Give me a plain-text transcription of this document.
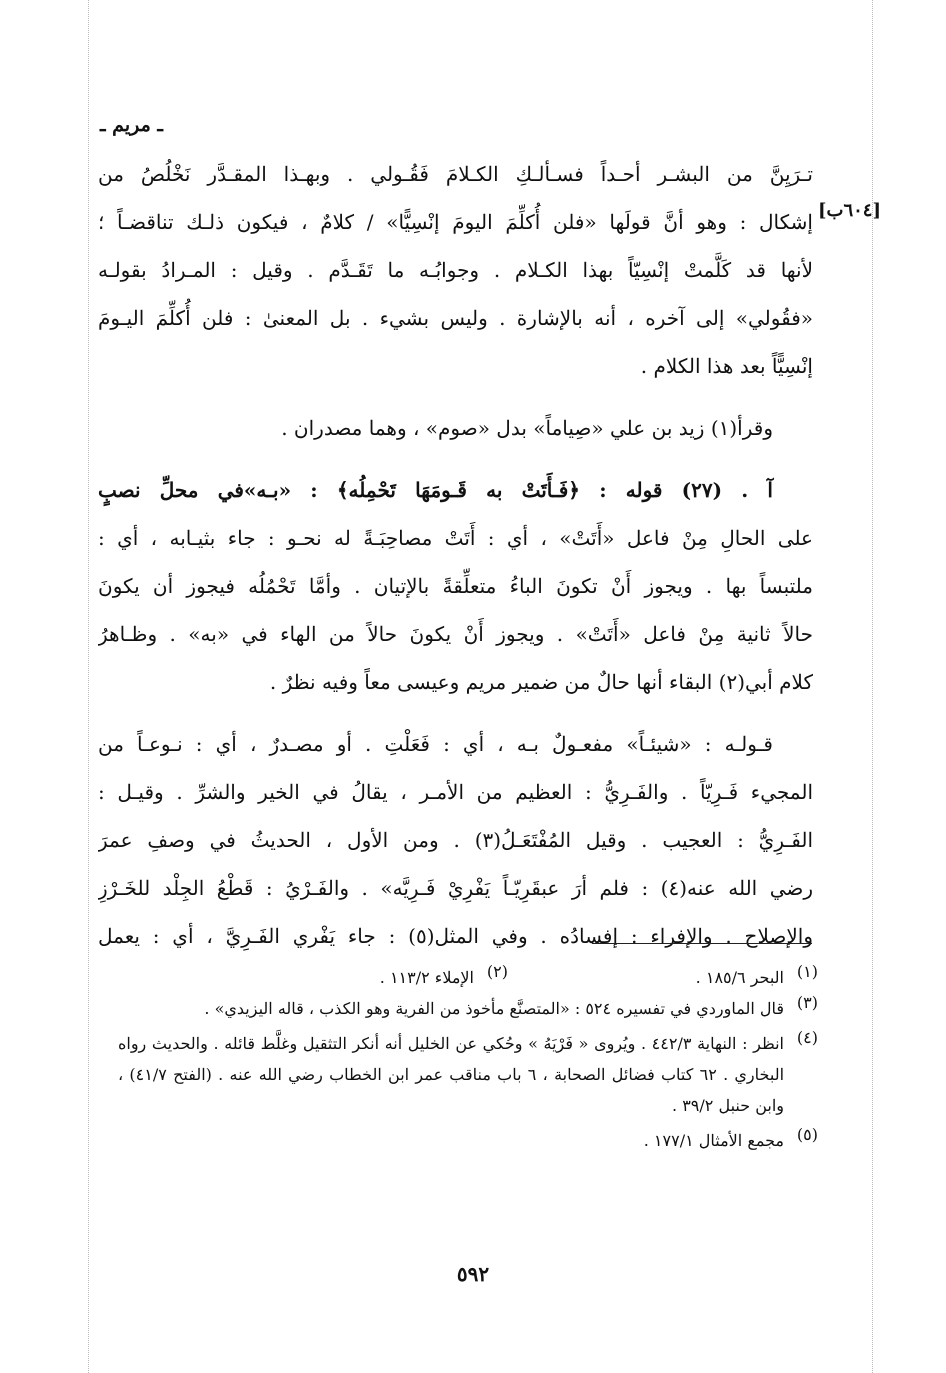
ـ مريم ـ
[٦٠٤ب]
تـرَيِنَّ من البشـر أحـداً فسـألـكِ الكـلامَ فَقُـولي . وبهـذا المقـدَّر نَخْلُصُ من
إشكال : وهو أنَّ قولَها «فلن أُكلِّمَ اليومَ إنْسِيًّا» / كلامٌ ، فيكون ذلـك تناقضـاً ؛
لأنها قد كَلَّمتْ إنْسِيّاً بهذا الكـلام . وجوابُـه ما تَقَـدَّم . وقيل : المـرادُ بقولـه
«فقُولي» إلى آخره ، أنه بالإشارة . وليس بشيء . بل المعنىٰ : فلن أُكلِّمَ اليـومَ
إنْسِيًّاً بعد هذا الكلام .
وقرأ(١) زيد بن علي «صِياماً» بدل «صوم» ، وهما مصدران .
آ . (٢٧) قوله : ﴿فَـأَتَتْ به قَـومَهَا تَحْمِلُه﴾ : «بـه»في محلِّ نصبٍ
على الحالِ مِنْ فاعل «أَتَتْ» ، أي : أَتَتْ مصاحِبَـةً له نحـو : جاء بثيـابه ، أي :
ملتبساً بها . ويجوز أَنْ تكونَ الباءُ متعلِّقةً بالإتيان . وأمَّا تَحْمُلُه فيجوز أن يكونَ
حالاً ثانية مِنْ فاعل «أَتَتْ» . ويجوز أَنْ يكونَ حالاً من الهاء في «به» . وظـاهرُ
كلام أبي(٢) البقاء أنها حالٌ من ضمير مريم وعيسى معاً وفيه نظرٌ .
قـولـه : «شيئـاً» مفعـولٌ بـه ، أي : فَعَلْتِ . أو مصـدرٌ ، أي : نـوعـاً من
المجيء فَـرِيّاً . والفَـرِيُّ : العظيم من الأمـر ، يقالُ في الخير والشرِّ . وقيـل :
الفَـرِيُّ : العجيب . وقيل المُفْتَعَـلُ(٣) . ومن الأول ، الحديثُ في وصفِ عمرَ
رضي الله عنه(٤) : فلم أرَ عبقَرِيّـاً يَفْرِيْ فَـرِيَّه» . والفَـرْيُ : قَطْعُ الجِلْد للخَـرْزِ
والإصلاح . والإفراء : إفسادُه . وفي المثل(٥) : جاء يَفْري الفَـرِيَّ ، أي : يعمل
(١)
البحر ١٨٥/٦ .
(٢)
الإملاء ١١٣/٢ .
(٣)
قال الماوردي في تفسيره ٥٢٤ : «المتصنَّع مأخوذ من الفرية وهو الكذب ، قاله اليزيدي» .
(٤)
انظر : النهاية ٤٤٢/٣ . ويُروى « فَرْيَهُ » وحُكي عن الخليل أنه أنكر التثقيل وغلَّط قائله . والحديث رواه البخاري . ٦٢ كتاب فضائل الصحابة ، ٦ باب مناقب عمر ابن الخطاب رضي الله عنه . (الفتح ٤١/٧) ، وابن حنبل ٣٩/٢ .
(٥)
مجمع الأمثال ١٧٧/١ .
٥٩٢
